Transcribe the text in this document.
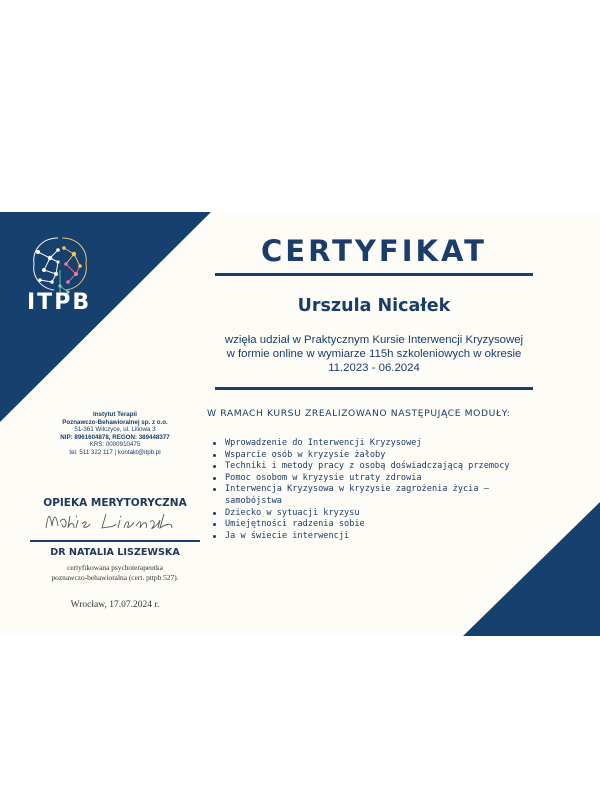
ITPB
Instytut Terapii
Poznawczo-Behawioralnej sp. z o.o.
51-361 Wilczyce, ul. Liliowa 3
NIP: 8961604878, REGON: 389448377
KRS: 0000910475
tel. 511 322 117 | kontakt@itpb.pl
OPIEKA MERYTORYCZNA
DR NATALIA LISZEWSKA
certyfikowana psychoterapeutka
poznawczo-behawioralna (cert. pttpb 527).
Wrocław, 17.07.2024 r.
CERTYFIKAT
Urszula Nicałek
wzięła udział w Praktycznym Kursie Interwencji Kryzysowej
w formie online w wymiarze 115h szkoleniowych w okresie
11.2023 - 06.2024
W RAMACH KURSU ZREALIZOWANO NASTĘPUJĄCE MODUŁY:
Wprowadzenie do Interwencji Kryzysowej
Wsparcie osób w kryzysie żałoby
Techniki i metody pracy z osobą doświadczającą przemocy
Pomoc osobom w kryzysie utraty zdrowia
Interwencja Kryzysowa w kryzysie zagrożenia życia – samobójstwa
Dziecko w sytuacji kryzysu
Umiejętności radzenia sobie
Ja w świecie interwencji
